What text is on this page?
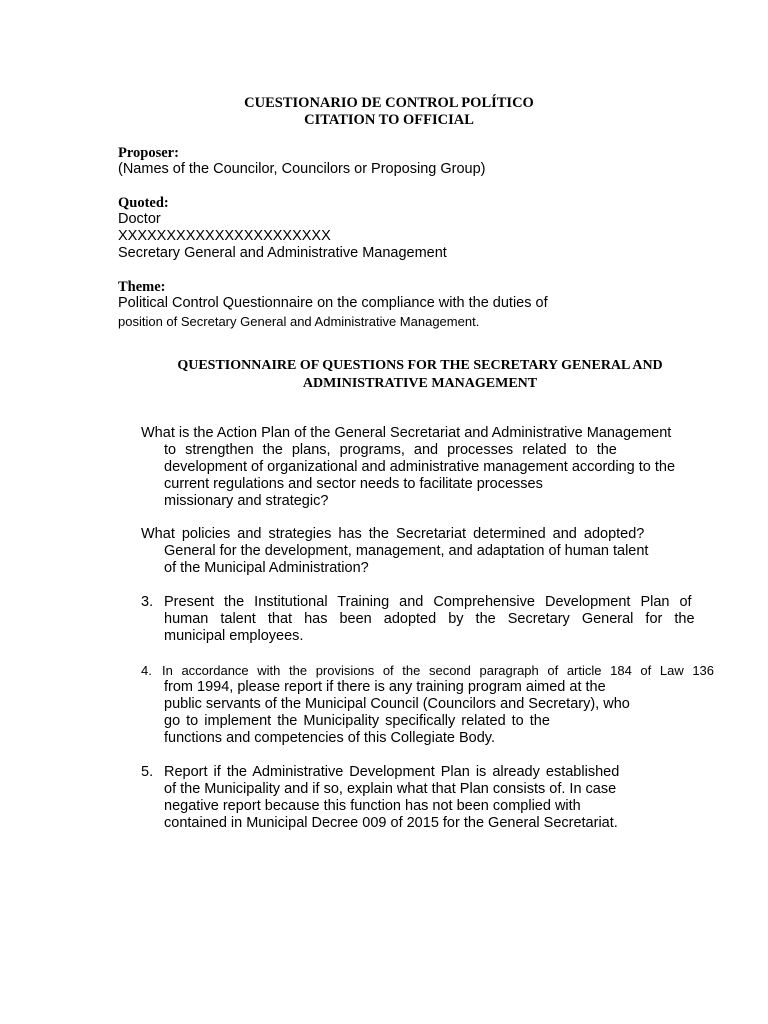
CUESTIONARIO DE CONTROL POLÍTICO
CITATION TO OFFICIAL
Proposer:
(Names of the Councilor, Councilors or Proposing Group)
Quoted:
Doctor
XXXXXXXXXXXXXXXXXXXXXX
Secretary General and Administrative Management
Theme:
Political Control Questionnaire on the compliance with the duties of
position of Secretary General and Administrative Management.
QUESTIONNAIRE OF QUESTIONS FOR THE SECRETARY GENERAL AND
ADMINISTRATIVE MANAGEMENT
What is the Action Plan of the General Secretariat and Administrative Management
to strengthen the plans, programs, and processes related to the
development of organizational and administrative management according to the
current regulations and sector needs to facilitate processes
missionary and strategic?
What policies and strategies has the Secretariat determined and adopted?
General for the development, management, and adaptation of human talent
of the Municipal Administration?
3. Present the Institutional Training and Comprehensive Development Plan of
human talent that has been adopted by the Secretary General for the
municipal employees.
4. In accordance with the provisions of the second paragraph of article 184 of Law 136
from 1994, please report if there is any training program aimed at the
public servants of the Municipal Council (Councilors and Secretary), who
go to implement the Municipality specifically related to the
functions and competencies of this Collegiate Body.
5. Report if the Administrative Development Plan is already established
of the Municipality and if so, explain what that Plan consists of. In case
negative report because this function has not been complied with
contained in Municipal Decree 009 of 2015 for the General Secretariat.
